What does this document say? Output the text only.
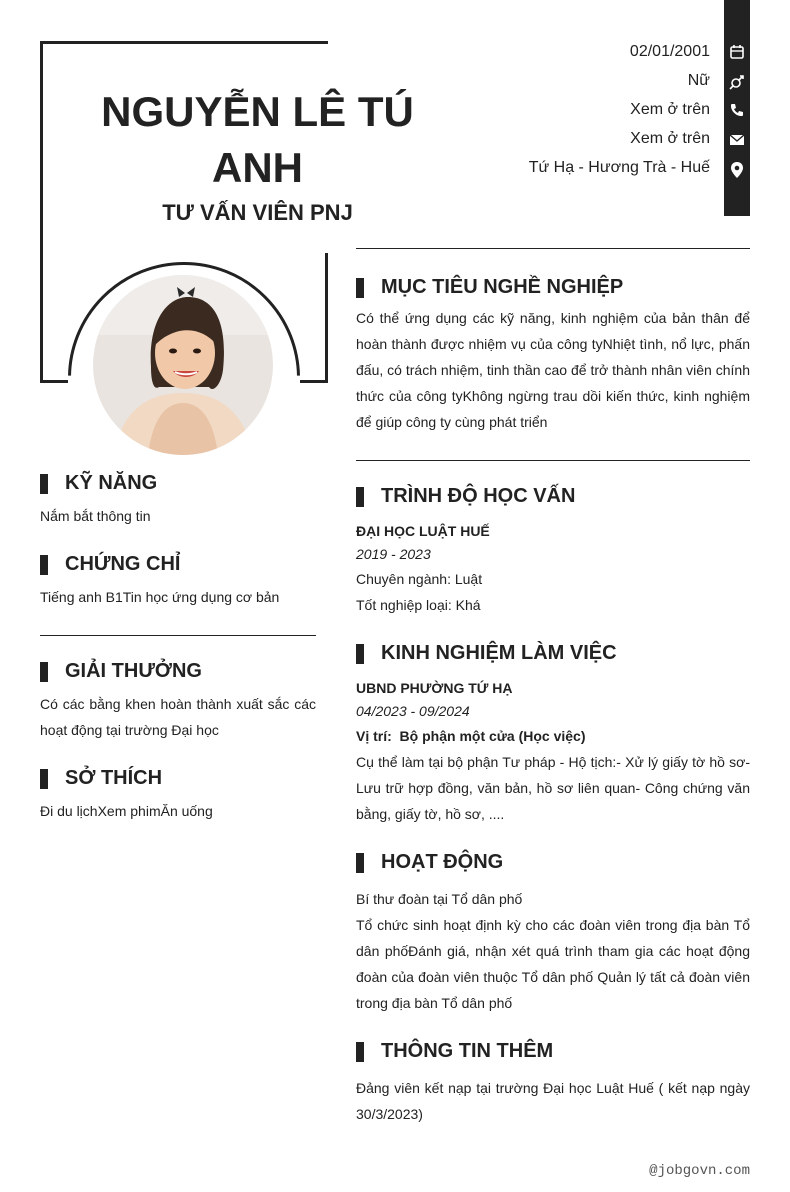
NGUYỄN LÊ TÚ ANH
TƯ VẤN VIÊN PNJ
02/01/2001
Nữ
Xem ở trên
Xem ở trên
Tứ Hạ - Hương Trà - Huế
KỸ NĂNG
Nắm bắt thông tin
CHỨNG CHỈ
Tiếng anh B1Tin học ứng dụng cơ bản
GIẢI THƯỞNG
Có các bằng khen hoàn thành xuất sắc các hoạt động tại trường Đại học
SỞ THÍCH
Đi du lịchXem phimĂn uống
MỤC TIÊU NGHỀ NGHIỆP
Có thể ứng dụng các kỹ năng, kinh nghiệm của bản thân để hoàn thành được nhiệm vụ của công tyNhiệt tình, nổ lực, phấn đấu, có trách nhiệm, tinh thần cao để trở thành nhân viên chính thức của công tyKhông ngừng trau dồi kiến thức, kinh nghiệm để giúp công ty cùng phát triển
TRÌNH ĐỘ HỌC VẤN
ĐẠI HỌC LUẬT HUẾ
2019 - 2023
Chuyên ngành: Luật
Tốt nghiệp loại: Khá
KINH NGHIỆM LÀM VIỆC
UBND PHƯỜNG TỨ HẠ
04/2023 - 09/2024
Vị trí:  Bộ phận một cửa (Học việc)
Cụ thể làm tại bộ phận Tư pháp - Hộ tịch:- Xử lý giấy tờ hồ sơ- Lưu trữ hợp đồng, văn bản, hồ sơ liên quan- Công chứng văn bằng, giấy tờ, hồ sơ, ....
HOẠT ĐỘNG
Bí thư đoàn tại Tổ dân phố
Tổ chức sinh hoạt định kỳ cho các đoàn viên trong địa bàn Tổ dân phốĐánh giá, nhận xét quá trình tham gia các hoạt động đoàn của đoàn viên thuộc Tổ dân phố Quản lý tất cả đoàn viên trong địa bàn Tổ dân phố
THÔNG TIN THÊM
Đảng viên kết nạp tại trường Đại học Luật Huế ( kết nạp ngày 30/3/2023)
@jobgovn.com
